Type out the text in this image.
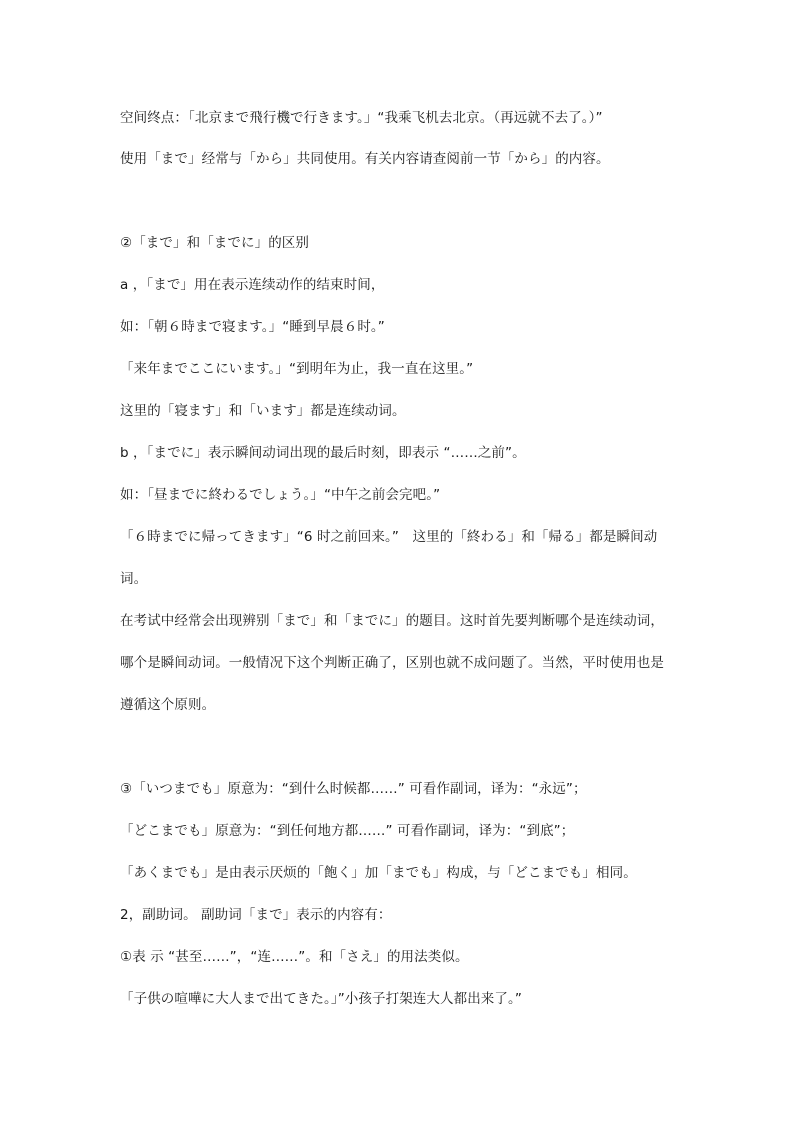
空间终点：「北京まで飛行機で行きます。」“我乘飞机去北京。（再远就不去了。）”
使用「まで」经常与「から」共同使用。有关内容请查阅前一节「から」的内容。
②「まで」和「までに」的区别
a ，「まで」用在表示连续动作的结束时间，
如：「朝６時まで寝ます。」“睡到早晨６时。”
「来年までここにいます。」“到明年为止，我一直在这里。”
这里的「寝ます」和「います」都是连续动词。
b ，「までに」表示瞬间动词出现的最后时刻，即表示 “……之前”。
如：「昼までに終わるでしょう。」“中午之前会完吧。”
「６時までに帰ってきます」“6 时之前回来。”　这里的「終わる」和「帰る」都是瞬间动
词。
在考试中经常会出现辨别「まで」和「までに」的题目。这时首先要判断哪个是连续动词，
哪个是瞬间动词。一般情况下这个判断正确了，区别也就不成问题了。当然，平时使用也是
遵循这个原则。
③「いつまでも」原意为：“到什么时候都……” 可看作副词，译为：“永远”；
「どこまでも」原意为：“到任何地方都……” 可看作副词，译为：“到底”；
「あくまでも」是由表示厌烦的「飽く」加「までも」构成，与「どこまでも」相同。
2，副助词。 副助词「まで」表示的内容有：
①表 示 “甚至……”，“连……”。和「さえ」的用法类似。
「子供の喧嘩に大人まで出てきた。」”小孩子打架连大人都出来了。”
